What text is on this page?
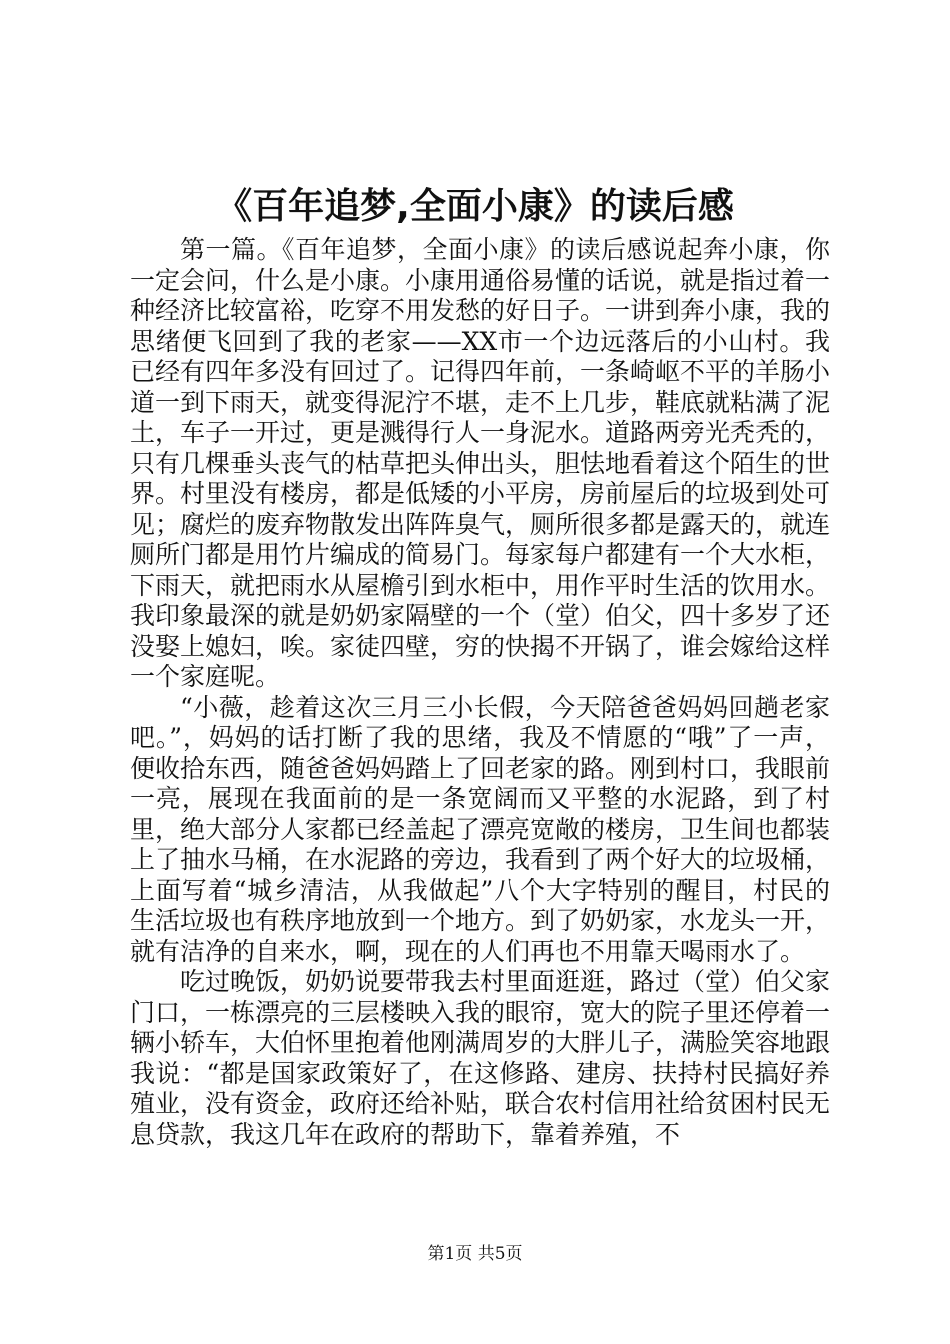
《百年追梦,全面小康》的读后感

第一篇。《百年追梦，全面小康》的读后感说起奔小康，你一定会问，什么是小康。小康用通俗易懂的话说，就是指过着一种经济比较富裕，吃穿不用发愁的好日子。一讲到奔小康，我的思绪便飞回到了我的老家——XX市一个边远落后的小山村。我已经有四年多没有回过了。记得四年前，一条崎岖不平的羊肠小道一到下雨天，就变得泥泞不堪，走不上几步，鞋底就粘满了泥土，车子一开过，更是溅得行人一身泥水。道路两旁光秃秃的，只有几棵垂头丧气的枯草把头伸出头，胆怯地看着这个陌生的世界。村里没有楼房，都是低矮的小平房，房前屋后的垃圾到处可见；腐烂的废弃物散发出阵阵臭气，厕所很多都是露天的，就连厕所门都是用竹片编成的简易门。每家每户都建有一个大水柜，下雨天，就把雨水从屋檐引到水柜中，用作平时生活的饮用水。我印象最深的就是奶奶家隔壁的一个（堂）伯父，四十多岁了还没娶上媳妇，唉。家徒四壁，穷的快揭不开锅了，谁会嫁给这样一个家庭呢。

“小薇，趁着这次三月三小长假，今天陪爸爸妈妈回趟老家吧。”，妈妈的话打断了我的思绪，我及不情愿的“哦”了一声，便收拾东西，随爸爸妈妈踏上了回老家的路。刚到村口，我眼前一亮，展现在我面前的是一条宽阔而又平整的水泥路，到了村里，绝大部分人家都已经盖起了漂亮宽敞的楼房，卫生间也都装上了抽水马桶，在水泥路的旁边，我看到了两个好大的垃圾桶，上面写着“城乡清洁，从我做起”八个大字特别的醒目，村民的生活垃圾也有秩序地放到一个地方。到了奶奶家，水龙头一开，就有洁净的自来水，啊，现在的人们再也不用靠天喝雨水了。

吃过晚饭，奶奶说要带我去村里面逛逛，路过（堂）伯父家门口，一栋漂亮的三层楼映入我的眼帘，宽大的院子里还停着一辆小轿车，大伯怀里抱着他刚满周岁的大胖儿子，满脸笑容地跟我说：“都是国家政策好了，在这修路、建房、扶持村民搞好养殖业，没有资金，政府还给补贴，联合农村信用社给贫困村民无息贷款，我这几年在政府的帮助下，靠着养殖，不

第1页 共5页
